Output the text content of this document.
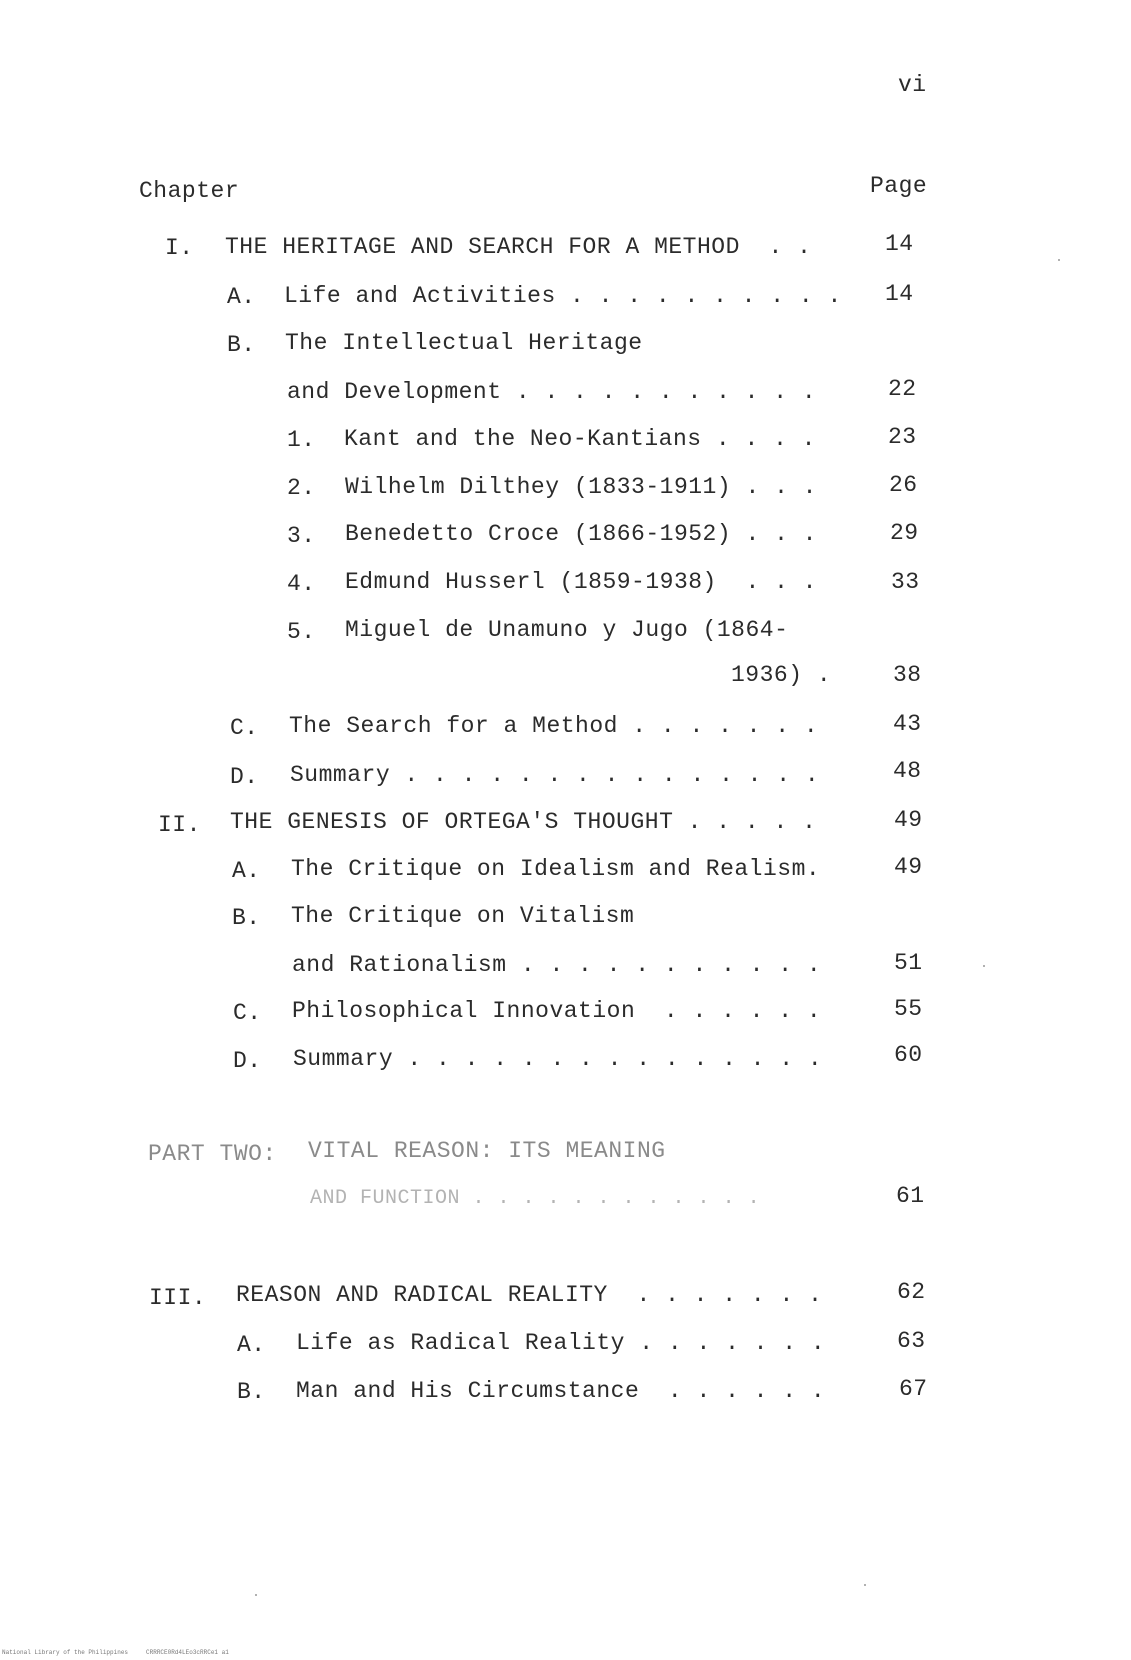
vi
Chapter	Page
I. THE HERITAGE AND SEARCH FOR A METHOD  . .	14
A. Life and Activities . . . . . . . . . . 14
B. The Intellectual Heritage
and Development . . . . . . . . . . .	22
1. Kant and the Neo-Kantians . . . .	23
2. Wilhelm Dilthey (1833-1911) . . .	26
3. Benedetto Croce (1866-1952) . . .	29
4. Edmund Husserl (1859-1938)  . . .	33
5. Miguel de Unamuno y Jugo (1864-
1936) .	38
C. The Search for a Method . . . . . . .	43
D. Summary . . . . . . . . . . . . . . .	48
II. THE GENESIS OF ORTEGA'S THOUGHT . . . . .	49
A. The Critique on Idealism and Realism.	49
B. The Critique on Vitalism
and Rationalism . . . . . . . . . . .	51
C. Philosophical Innovation  . . . . . .	55
D. Summary . . . . . . . . . . . . . . .	60
PART TWO: VITAL REASON: ITS MEANING
AND FUNCTION . . . . . . . . . . . .	61
III. REASON AND RADICAL REALITY  . . . . . . .	62
A. Life as Radical Reality . . . . . . .	63
B. Man and His Circumstance  . . . . . .	67
National Library of the Philippines     CRRRCE0Rd4LEo3cRRCe1 a1
